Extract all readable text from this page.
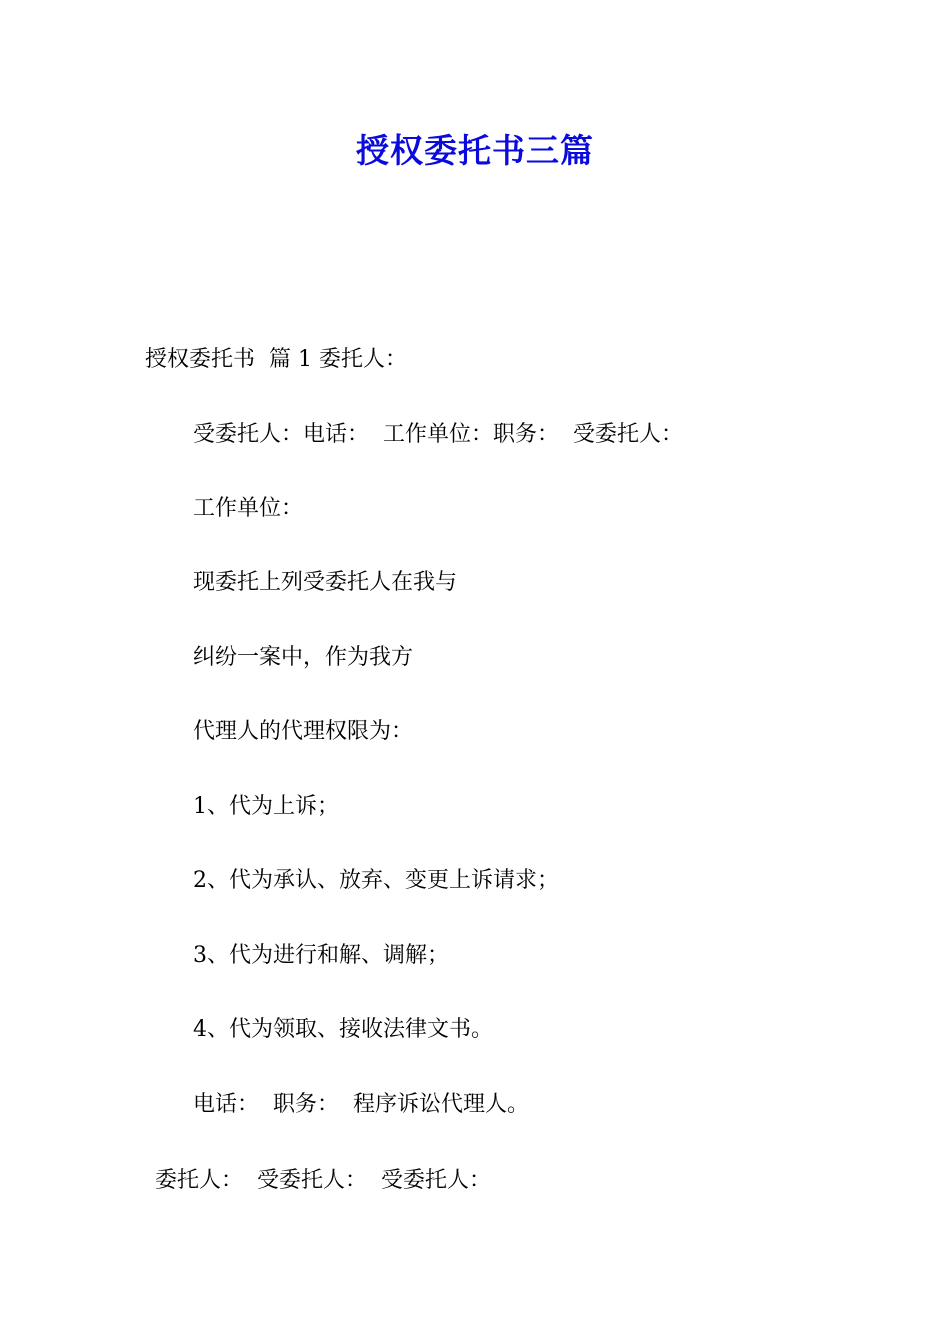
授权委托书三篇

授权委托书  篇 1 委托人：

受委托人：电话：  工作单位：职务：  受委托人：

工作单位：

现委托上列受委托人在我与

纠纷一案中，作为我方

代理人的代理权限为：

1、代为上诉；

2、代为承认、放弃、变更上诉请求；

3、代为进行和解、调解；

4、代为领取、接收法律文书。

电话：  职务：  程序诉讼代理人。

委托人：  受委托人：  受委托人：
